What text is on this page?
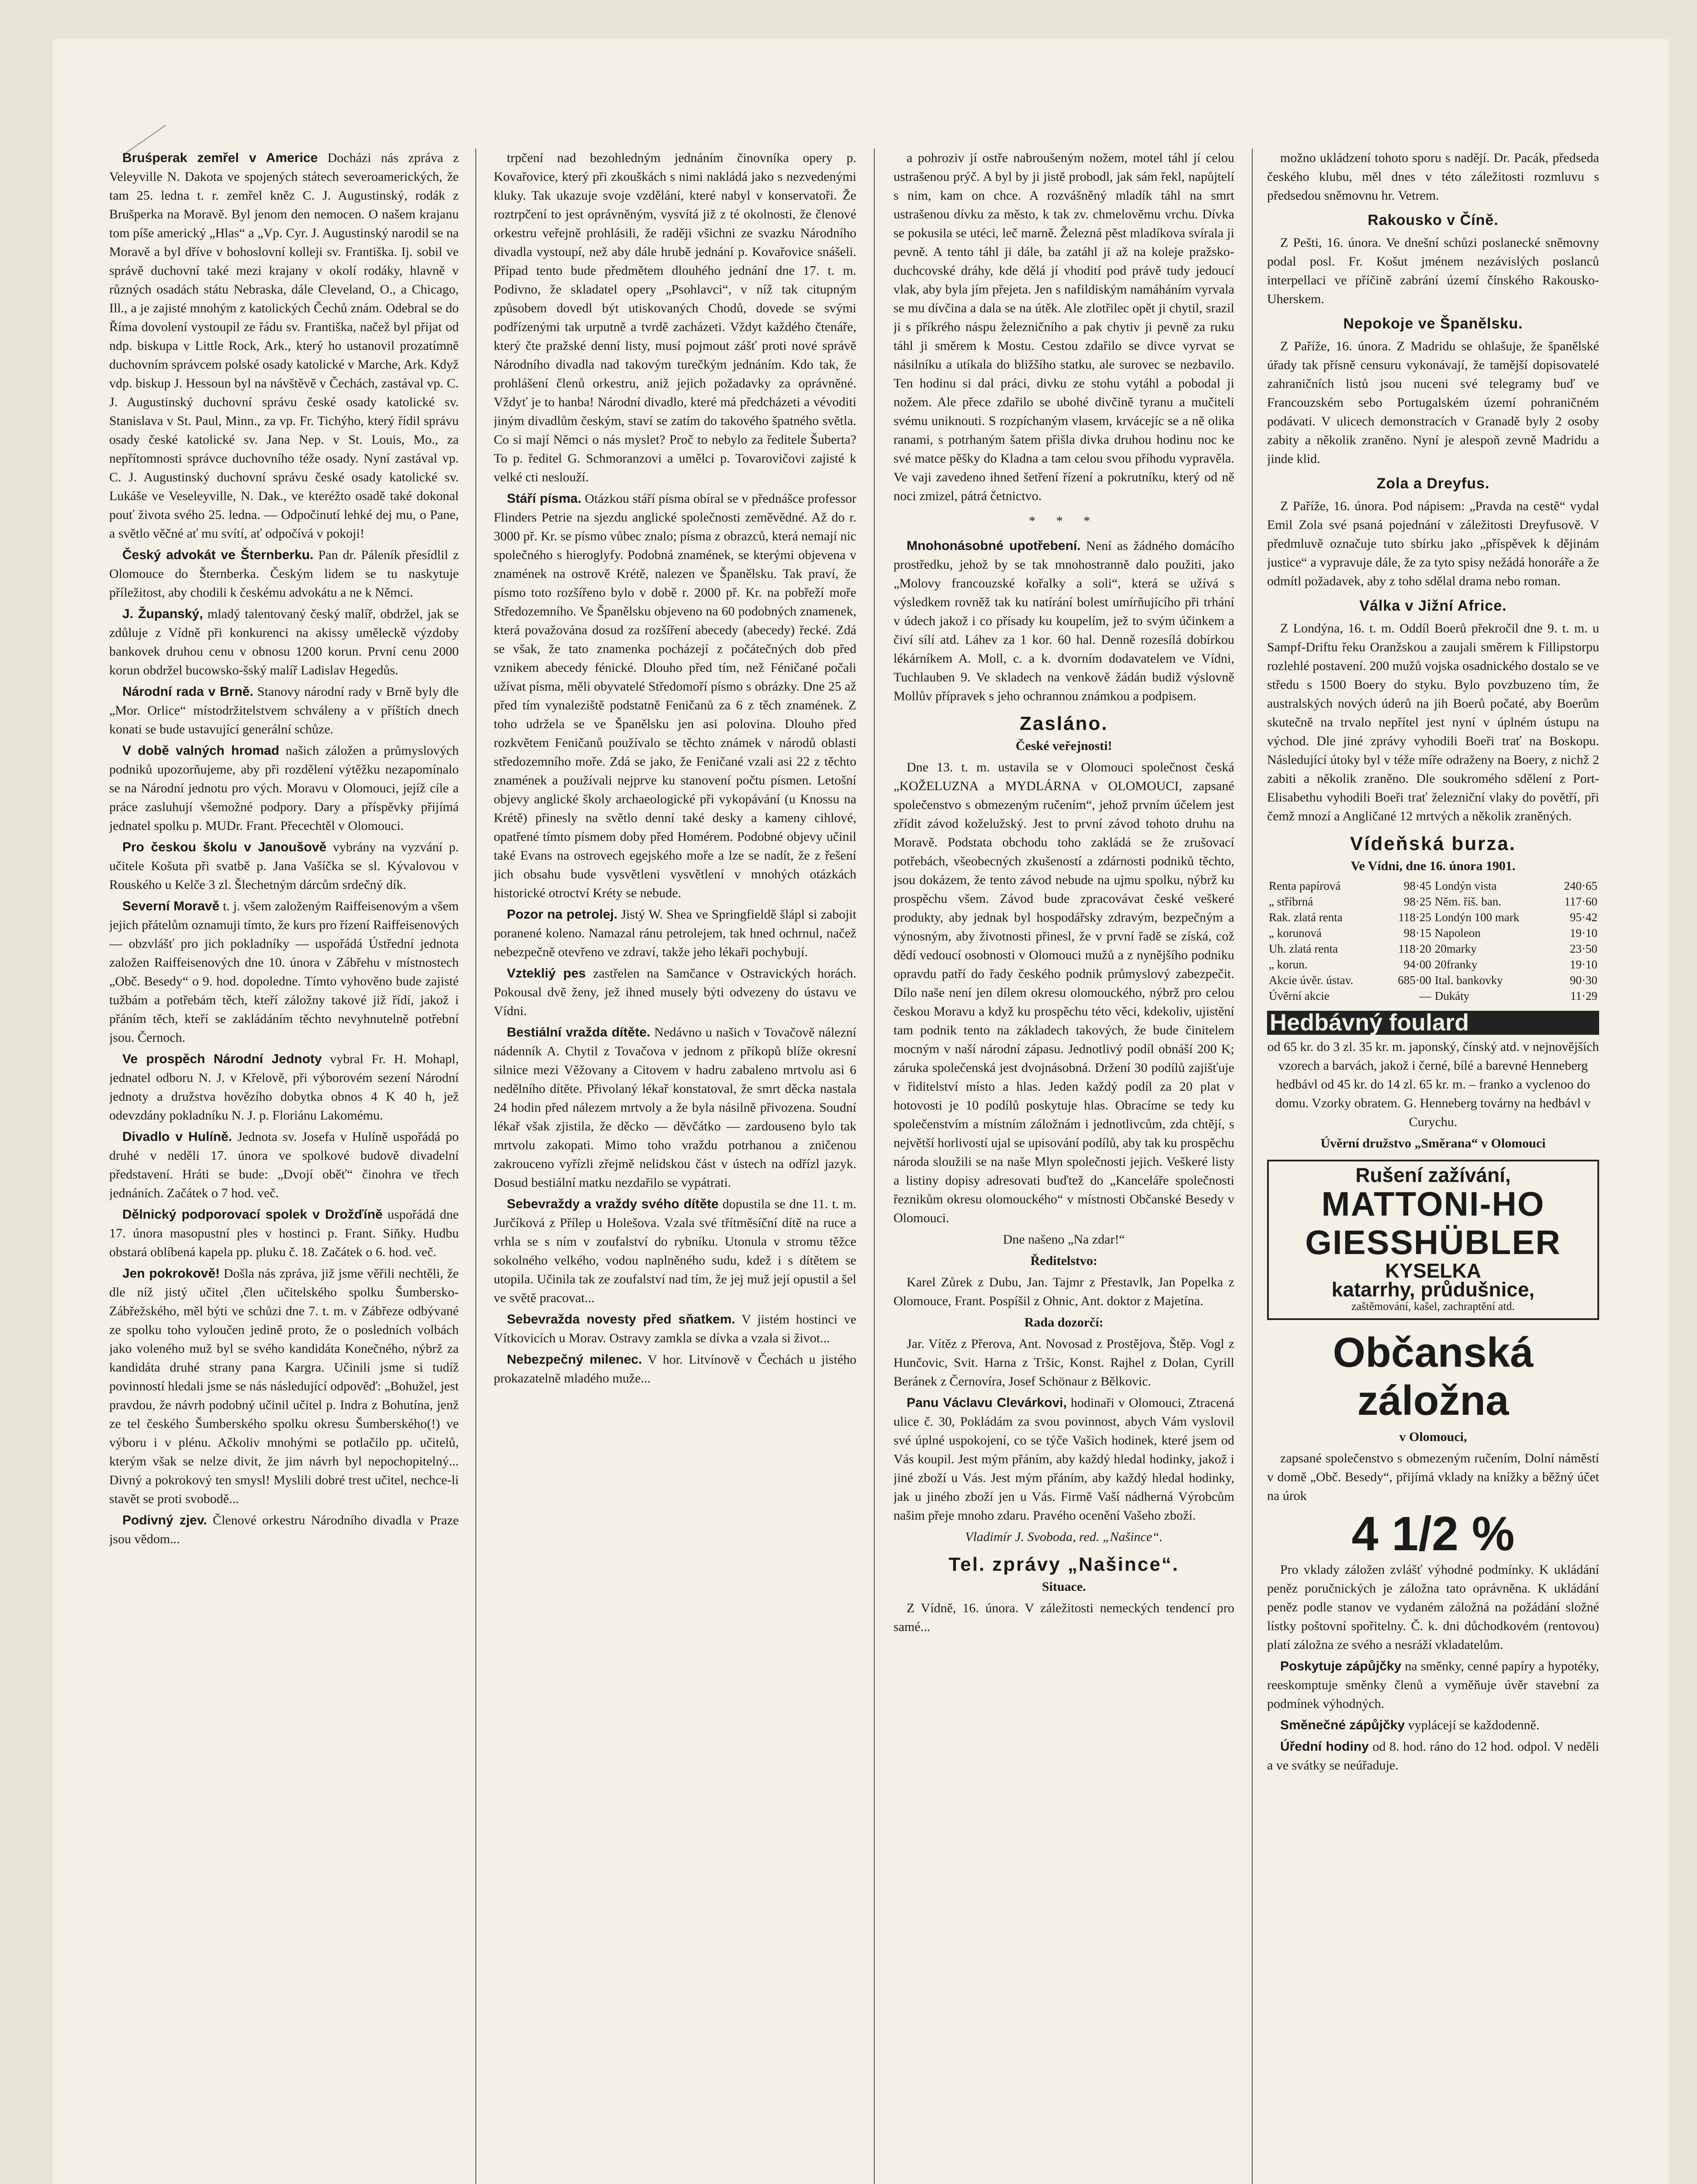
Bruśperak zemřel v Americe Docházi nás zpráva z Veleyville N. Dakota ve spojených státech severoamerických, že tam 25. ledna t. r. zemřel kněz C. J. Augustinský, rodák z Brušperka na Moravě. Byl jenom den nemocen. O našem krajanu tom píše americký „Hlas“ a „Vp. Cyr. J. Augustinský narodil se na Moravě a byl dříve v bohoslovní kolleji sv. Františka. Ij. sobil ve správě duchovní také mezi krajany v okolí rodáky, hlavně v různých osadách státu Nebraska, dále Cleveland, O., a Chicago, Ill., a je zajisté mnohým z katolických Čechů znám. Odebral se do Říma dovolení vystoupil ze řádu sv. Františka, načež byl přijat od ndp. biskupa v Little Rock, Ark., který ho ustanovil prozatímně duchovním správcem polské osady katolické v Marche, Ark. Když vdp. biskup J. Hessoun byl na návštěvě v Čechách, zastával vp. C. J. Augustinský duchovní správu české osady katolické sv. Stanislava v St. Paul, Minn., za vp. Fr. Tichýho, který řídil správu osady české katolické sv. Jana Nep. v St. Louis, Mo., za nepřítomnosti správce duchovního téže osady. Nyní zastával vp. C. J. Augustinský duchovní správu české osady katolické sv. Lukáše ve Veseleyville, N. Dak., ve kteréžto osadě také dokonal pouť života svého 25. ledna. — Odpočinutí lehké dej mu, o Pane, a světlo věčné ať mu svítí, ať odpočívá v pokoji!

Český advokát ve Šternberku. Pan dr. Páleník přesídlil z Olomouce do Šternberka. Českým lidem se tu naskytuje příležitost, aby chodili k českému advokátu a ne k Němci.

J. Županský, mladý talentovaný český malíř, obdržel, jak se zdůluje z Vídně při konkurenci na akissy uměleckě výzdoby bankovek druhou cenu v obnosu 1200 korun. První cenu 2000 korun obdržel bucowsko-šský malíř Ladislav Hegedůs.

Národní rada v Brně. Stanovy národní rady v Brně byly dle „Mor. Orlice“ místodržitelstvem schváleny a v příštích dnech konati se bude ustavující generální schůze.

V době valných hromad našich záložen a průmyslových podniků upozorňujeme, aby při rozdělení výtěžku nezapomínalo se na Národní jednotu pro vých. Moravu v Olomouci, jejíž cíle a práce zasluhují všemožné podpory. Dary a příspěvky přijímá jednatel spolku p. MUDr. Frant. Přecechtěl v Olomouci.

Pro českou školu v Janoušově vybrány na vyzvání p. učitele Košuta při svatbě p. Jana Vašíčka se sl. Kývalovou v Rouského u Kelče 3 zl. Šlechetným dárcům srdečný dík.

Severní Moravě t. j. všem založeným Raiffeisenovým a všem jejich přátelům oznamuji tímto, že kurs pro řízení Raiffeisenových — obzvlášť pro jich pokladníky — uspořádá Ústřední jednota založen Raiffeisenových dne 10. února v Zábřehu v místnostech „Obč. Besedy“ o 9. hod. dopoledne. Tímto vyhověno bude zajisté tužbám a potřebám těch, kteří záložny takové již řídí, jakož i přáním těch, kteří se zakládáním těchto nevyhnutelně potřební jsou. Černoch.

Ve prospěch Národní Jednoty vybral Fr. H. Mohapl, jednatel odboru N. J. v Křelově, při výborovém sezení Národní jednoty a družstva hovězího dobytka obnos 4 K 40 h, jež odevzdány pokladníku N. J. p. Floriánu Lakomému.

Divadlo v Hulíně. Jednota sv. Josefa v Hulíně uspořádá po druhé v neděli 17. února ve spolkové budově divadelní představení. Hráti se bude: „Dvojí oběť“ činohra ve třech jednáních. Začátek o 7 hod. več.

Dělnický podporovací spolek v Drožďíně uspořádá dne 17. února masopustní ples v hostinci p. Frant. Siňky. Hudbu obstará oblíbená kapela pp. pluku č. 18. Začátek o 6. hod. več.

Jen pokrokově! Došla nás zpráva, již jsme věřili nechtěli, že dle níž jistý učitel ,člen učitelského spolku Šumbersko-Zábřežského, měl býti ve schůzi dne 7. t. m. v Zábřeze odbývané ze spolku toho vyloučen jedině proto, že o posledních volbách jako voleného muž byl se svého kandidáta Konečného, nýbrž za kandidáta druhé strany pana Kargra. Učinili jsme si tudíž povinností hledali jsme se nás následující odpověď: „Bohužel, jest pravdou, že návrh podobný učinil učitel p. Indra z Bohutína, jenž ze tel českého Šumberského spolku okresu Šumberského(!) ve výboru i v plénu. Ačkoliv mnohými se potlačilo pp. učitelů, kterým však se nelze divit, že jim návrh byl nepochopitelný... Divný a pokrokový ten smysl! Myslili dobré trest učitel, nechce-li stavět se proti svobodě...

Podivný zjev. Členové orkestru Národního divadla v Praze jsou vědom...

trpčení nad bezohledným jednáním činovníka opery p. Kovařovice, který při zkouškách s nimi nakládá jako s nezvedenými kluky. Tak ukazuje svoje vzdělání, které nabyl v konservatoři. Že roztrpčení to jest oprávněným, vysvítá již z té okolnosti, že členové orkestru veřejně prohlásili, že raději všichni ze svazku Národního divadla vystoupí, než aby dále hrubě jednání p. Kovařovice snášeli. Případ tento bude předmětem dlouhého jednání dne 17. t. m. Podivno, že skladatel opery „Psohlavci“, v níž tak citupným způsobem dovedl být utiskovaných Chodů, dovede se svými podřízenými tak urputně a tvrdě zacházeti. Vždyt každého čtenáře, který čte pražské denní listy, musí pojmout zášť proti nové správě Národního divadla nad takovým turečkým jednáním. Kdo tak, že prohlášení členů orkestru, aniž jejich požadavky za oprávněné. Vždyť je to hanba! Národní divadlo, které má předcházeti a vévoditi jiným divadlům českým, staví se zatím do takového špatného světla. Co si mají Němci o nás myslet? Proč to nebylo za ředitele Šuberta? To p. ředitel G. Schmoranzovi a umělci p. Tovarovičovi zajisté k velké cti neslouží.

Stáří písma. Otázkou stáří písma obíral se v přednášce professor Flinders Petrie na sjezdu anglické společnosti zeměvědné. Až do r. 3000 př. Kr. se písmo vůbec znalo; písma z obrazců, která nemají nic společného s hieroglyfy. Podobná znamének, se kterými objevena v znamének na ostrově Krétě, nalezen ve Španělsku. Tak praví, že písmo toto rozšířeno bylo v době r. 2000 př. Kr. na pobřeží moře Středozemního. Ve Španělsku objeveno na 60 podobných znamenek, která považována dosud za rozšíření abecedy (abecedy) řecké. Zdá se však, že tato znamenka pocházejí z počátečných dob před vznikem abecedy fénické. Dlouho před tím, než Féničané počali užívat písma, měli obyvatelé Středomoří písmo s obrázky. Dne 25 až před tím vynaleziště podstatně Feničanů za 6 z těch znamének. Z toho udržela se ve Španělsku jen asi polovina. Dlouho před rozkvětem Feničanů používalo se těchto známek v národů oblasti středozemního moře. Zdá se jako, že Feničané vzali asi 22 z těchto znamének a používali nejprve ku stanovení počtu písmen. Letošní objevy anglické školy archaeologické při vykopávání (u Knossu na Krétě) přinesly na světlo denní také desky a kameny cihlové, opatřené tímto písmem doby před Homérem. Podobné objevy učinil také Evans na ostrovech egejského moře a lze se nadít, že z řešení jich obsahu bude vysvětleni vysvětlení v mnohých otázkách historické otroctví Kréty se nebude.

Pozor na petrolej. Jistý W. Shea ve Springfieldě šlápl si zabojit poranené koleno. Namazal ránu petrolejem, tak hned ochrnul, načež nebezpečně otevřeno ve zdraví, takže jeho lékaři pochybují.

Vztekliý pes zastřelen na Samčance v Ostravických horách. Pokousal dvě ženy, jež ihned musely býti odvezeny do ústavu ve Vídni.

Bestiální vražda dítěte. Nedávno u našich v Tovačově nálezní nádenník A. Chytil z Tovačova v jednom z příkopů blíže okresní silnice mezi Věžovany a Citovem v hadru zabaleno mrtvolu asi 6 nedělního dítěte. Přivolaný lékař konstatoval, že smrt děcka nastala 24 hodin před nálezem mrtvoly a že byla násilně přivozena. Soudní lékař však zjistila, že děcko — děvčátko — zardouseno bylo tak mrtvolu zakopati. Mimo toho vraždu potrhanou a zničenou zakrouceno vyřízli zřejmě nelidskou část v ústech na odřízl jazyk. Dosud bestiální matku nezdařilo se vypátrati.

Sebevraždy a vraždy svého dítěte dopustila se dne 11. t. m. Jurčíková z Přílep u Holešova. Vzala své třítměsíční dítě na ruce a vrhla se s ním v zoufalství do rybníku. Utonula v stromu těžce sokolného velkého, vodou naplněného sudu, kdež i s dítětem se utopila. Učinila tak ze zoufalství nad tím, že jej muž její opustil a šel ve světě pracovat...

Sebevražda novesty před sňatkem. V jistém hostinci ve Vítkovicích u Morav. Ostravy zamkla se dívka a vzala si život...

Nebezpečný milenec. V hor. Litvínově v Čechách u jistého prokazatelně mladého muže...

a pohroziv jí ostře nabroušeným nožem, motel táhl jí celou ustrašenou prýč. A byl by ji jistě probodl, jak sám řekl, napůjtelí s nim, kam on chce. A rozvášněný mladík táhl na smrt ustrašenou dívku za město, k tak zv. chmelověmu vrchu. Dívka se pokusila se utéci, leč marně. Železná pěst mladíkova svírala ji pevně. A tento táhl ji dále, ba zatáhl ji až na koleje pražsko-duchcovské dráhy, kde dělá jí vhodití pod právě tudy jedoucí vlak, aby byla jím přejeta. Jen s nafildiským namáháním vyrvala se mu dívčina a dala se na útěk. Ale zlotřilec opět ji chytil, srazil ji s příkrého náspu železničního a pak chytiv ji pevně za ruku táhl ji směrem k Mostu. Cestou zdařilo se divce vyrvat se násilníku a utíkala do bližšího statku, ale surovec se nezbavilo. Ten hodinu si dal práci, divku ze stohu vytáhl a pobodal ji nožem. Ale přece zdařilo se ubohé divčině tyranu a mučiteli svému uniknouti. S rozpíchaným vlasem, krvácejíc se a ně olika ranami, s potrhaným šatem přišla divka druhou hodinu noc ke své matce pěšky do Kladna a tam celou svou příhodu vypravěla. Ve vaji zavedeno ihned šetření řízení a pokrutníku, který od ně noci zmizel, pátrá četnictvo.

* * *

Mnohonásobné upotřebení. Není as žádného domácího prostředku, jehož by se tak mnohostranně dalo použiti, jako „Molovy francouzské kořalky a soli“, která se užívá s výsledkem rovněž tak ku natírání bolest umírňujícího při trhání v údech jakož i co přísady ku koupelím, jež to svým účinkem a čiví sílí atd. Láhev za 1 kor. 60 hal. Denně rozesílá dobírkou lékárníkem A. Moll, c. a k. dvorním dodavatelem ve Vídni, Tuchlauben 9. Ve skladech na venkově žádán budiž výslovně Mollův přípravek s jeho ochrannou známkou a podpisem.

Zasláno.
České veřejnosti!

Dne 13. t. m. ustavila se v Olomouci společnost česká „KOŽELUZNA a MYDLÁRNA v OLOMOUCI, zapsané společenstvo s obmezeným ručením“, jehož prvním účelem jest zřídit závod koželužský. Jest to první závod tohoto druhu na Moravě. Podstata obchodu toho zakládá se že zrušovací potřebách, všeobecných zkušeností a zdárnosti podniků těchto, jsou dokázem, že tento závod nebude na ujmu spolku, nýbrž ku prospěchu všem. Závod bude zpracovávat české veškeré produkty, aby jednak byl hospodářsky zdravým, bezpečným a výnosným, aby životnosti přinesl, že v první řadě se získá, což dědí vedoucí osobnosti v Olomouci mužů a z nynějšího podniku opravdu patří do řady českého podnik průmyslový zabezpečit. Dílo naše není jen dílem okresu olomouckého, nýbrž pro celou českou Moravu a když ku prospěchu této věci, kdekoliv, ujistění tam podnik tento na základech takových, že bude činitelem mocným v naší národní zápasu. Jednotlivý podíl obnáší 200 K; záruka společenská jest dvojnásobná. Držení 30 podílů zajišťuje v řiditelství místo a hlas. Jeden každý podíl za 20 plat v hotovosti je 10 podílů poskytuje hlas. Obracíme se tedy ku společenstvím a místním záložnám i jednotlivcům, zda chtějí, s největší horlivostí ujal se upisování podílů, aby tak ku prospěchu národa sloužili se na naše Mlyn společnosti jejich. Veškeré listy a listiny dopisy adresovati buďtež do „Kanceláře společnosti řeznikům okresu olomouckého“ v místnosti Občanské Besedy v Olomouci.

Dne našeno „Na zdar!“

Ředitelstvo:

Karel Zůrek z Dubu, Jan. Tajmr z Přestavlk, Jan Popelka z Olomouce, Frant. Pospíšil z Ohnic, Ant. doktor z Majetína.

Rada dozorčí:

Jar. Vítěz z Přerova, Ant. Novosad z Prostějova, Štěp. Vogl z Hunčovic, Svit. Harna z Tršic, Konst. Rajhel z Dolan, Cyrill Beránek z Černovíra, Josef Schönaur z Bělkovic.

Panu Václavu Clevárkovi, hodinaři v Olomouci, Ztracená ulice č. 30, Pokládám za svou povinnost, abych Vám vyslovil své úplné uspokojení, co se týče Vašich hodinek, které jsem od Vás koupil. Jest mým přáním, aby každý hledal hodinky, jakož i jiné zboží u Vás. Jest mým přáním, aby každý hledal hodinky, jak u jiného zboží jen u Vás. Firmě Vaší nádherná Výrobcům našim přeje mnoho zdaru. Pravého ocenění Vašeho zboží.

Vladimír J. Svoboda, red. „Našince“.

Tel. zprávy „Našince“.
Situace.

Z Vídně, 16. února. V záležitosti nemeckých tendencí pro samé...

možno ukládzení tohoto sporu s nadějí. Dr. Pacák, předseda českého klubu, měl dnes v této záležitosti rozmluvu s předsedou sněmovnu hr. Vetrem.

Rakousko v Číně.

Z Pešti, 16. února. Ve dnešní schůzi poslanecké sněmovny podal posl. Fr. Košut jménem nezávislých poslanců interpellaci ve příčině zabrání území čínského Rakousko-Uherskem.

Nepokoje ve Španělsku.

Z Paříže, 16. února. Z Madridu se ohlašuje, že španělské úřady tak přísně censuru vykonávají, že tamější dopisovatelé zahraničních listů jsou nuceni své telegramy buď ve Francouzském sebo Portugalském území pohraničném podávati. V ulicech demonstracích v Granadě byly 2 osoby zabity a několik zraněno. Nyní je alespoň zevně Madridu a jinde klid.

Zola a Dreyfus.

Z Paříže, 16. února. Pod nápisem: „Pravda na cestě“ vydal Emil Zola své psaná pojednání v záležitosti Dreyfusově. V předmluvě označuje tuto sbírku jako „příspěvek k dějinám justice“ a vypravuje dále, že za tyto spisy nežádá honoráře a že odmítl požadavek, aby z toho sdělal drama nebo roman.

Válka v Jižní Africe.

Z Londýna, 16. t. m. Oddíl Boerů překročil dne 9. t. m. u Sampf-Driftu řeku Oranžskou a zaujali směrem k Fillipstorpu rozlehlé postavení. 200 mužů vojska osadnického dostalo se ve středu s 1500 Boery do styku. Bylo povzbuzeno tím, že australských nových úderů na jih Boerů počaté, aby Boerům skutečně na trvalo nepřítel jest nyní v úplném ústupu na východ. Dle jiné zprávy vyhodili Boeři trať na Boskopu. Následující útoky byl v téže míře odraženy na Boery, z nichž 2 zabiti a několik zraněno. Dle soukromého sdělení z Port-Elisabethu vyhodili Boeři trať železniční vlaky do povětří, při čemž mnozí a Angličané 12 mrtvých a několik zraněných.

Vídeňská burza.
Ve Vídni, dne 16. února 1901.
Renta papírová	98·45	Londýn vista	240·65
„ stříbrná	98·25	Něm. říš. ban.	117·60
Rak. zlatá renta	118·25	Londýn 100 mark	95·42
„ korunová	98·15	Napoleon	19·10
Uh. zlatá renta	118·20	20marky	23·50
„ korun.	94·00	20franky	19·10
Akcie úvěr. ústav.	685·00	Ital. bankovky	90·30
Úvěrní akcie	—	Dukáty	11·29
Hedbávný foulard

od 65 kr. do 3 zl. 35 kr. m. japonský, čínský atd. v nejnovějších vzorech a barvách, jakož i černé, bílé a barevné Henneberg hedbávl od 45 kr. do 14 zl. 65 kr. m. – franko a vyclenoo do domu. Vzorky obratem. G. Henneberg továrny na hedbávl v Curychu.

Úvěrní družstvo „Směrana“ v Olomouci
Rušení zažívání,
MATTONI-HO
GIESSHÜBLER
KYSELKA
katarrhy, průdušnice,
zaštěmování, kašel, zachraptění atd.
Občanská záložna
v Olomouci,

zapsané společenstvo s obmezeným ručením, Dolní náměstí v domě „Obč. Besedy“, přijímá vklady na knížky a běžný účet na úrok

4 1/2 %

Pro vklady záložen zvlášť výhodné podmínky. K ukládání peněz poručnických je záložna tato oprávněna. K ukládání peněz podle stanov ve vydaném záložná na požádání složné lístky poštovní spořitelny. Č. k. dni důchodkovém (rentovou) platí záložna ze svého a nesráží vkladatelům.

Poskytuje zápůjčky na směnky, cenné papíry a hypotéky, reeskomptuje směnky členů a vyměňuje úvěr stavební za podmínek výhodných.

Směnečné zápůjčky vyplácejí se každodenně.

Úřední hodiny od 8. hod. ráno do 12 hod. odpol. V neděli a ve svátky se neúřaduje.
